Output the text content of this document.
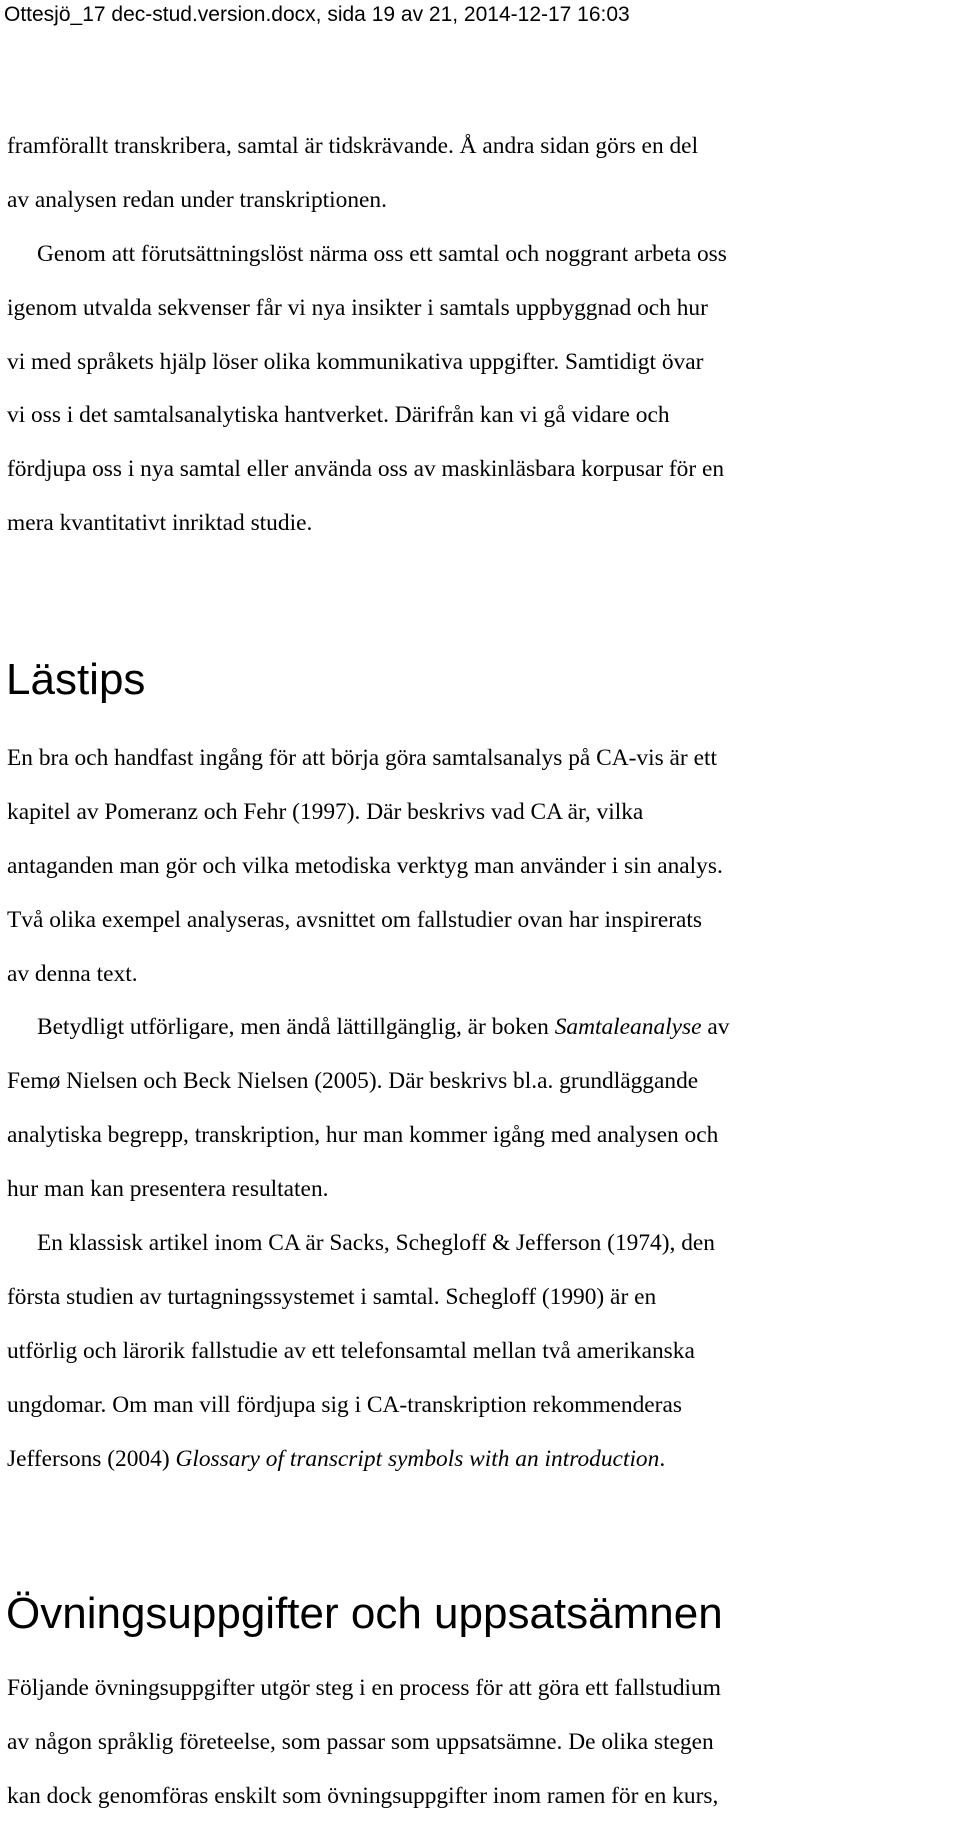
Ottesjö_17 dec-stud.version.docx, sida 19 av 21, 2014-12-17 16:03
framförallt transkribera, samtal är tidskrävande. Å andra sidan görs en del
av analysen redan under transkriptionen.
Genom att förutsättningslöst närma oss ett samtal och noggrant arbeta oss
igenom utvalda sekvenser får vi nya insikter i samtals uppbyggnad och hur
vi med språkets hjälp löser olika kommunikativa uppgifter. Samtidigt övar
vi oss i det samtalsanalytiska hantverket. Därifrån kan vi gå vidare och
fördjupa oss i nya samtal eller använda oss av maskinläsbara korpusar för en
mera kvantitativt inriktad studie.
Lästips
En bra och handfast ingång för att börja göra samtalsanalys på CA-vis är ett
kapitel av Pomeranz och Fehr (1997). Där beskrivs vad CA är, vilka
antaganden man gör och vilka metodiska verktyg man använder i sin analys.
Två olika exempel analyseras, avsnittet om fallstudier ovan har inspirerats
av denna text.
Betydligt utförligare, men ändå lättillgänglig, är boken Samtaleanalyse av
Femø Nielsen och Beck Nielsen (2005). Där beskrivs bl.a. grundläggande
analytiska begrepp, transkription, hur man kommer igång med analysen och
hur man kan presentera resultaten.
En klassisk artikel inom CA är Sacks, Schegloff & Jefferson (1974), den
första studien av turtagningssystemet i samtal. Schegloff (1990) är en
utförlig och lärorik fallstudie av ett telefonsamtal mellan två amerikanska
ungdomar. Om man vill fördjupa sig i CA-transkription rekommenderas
Jeffersons (2004) Glossary of transcript symbols with an introduction.
Övningsuppgifter och uppsatsämnen
Följande övningsuppgifter utgör steg i en process för att göra ett fallstudium
av någon språklig företeelse, som passar som uppsatsämne. De olika stegen
kan dock genomföras enskilt som övningsuppgifter inom ramen för en kurs,
